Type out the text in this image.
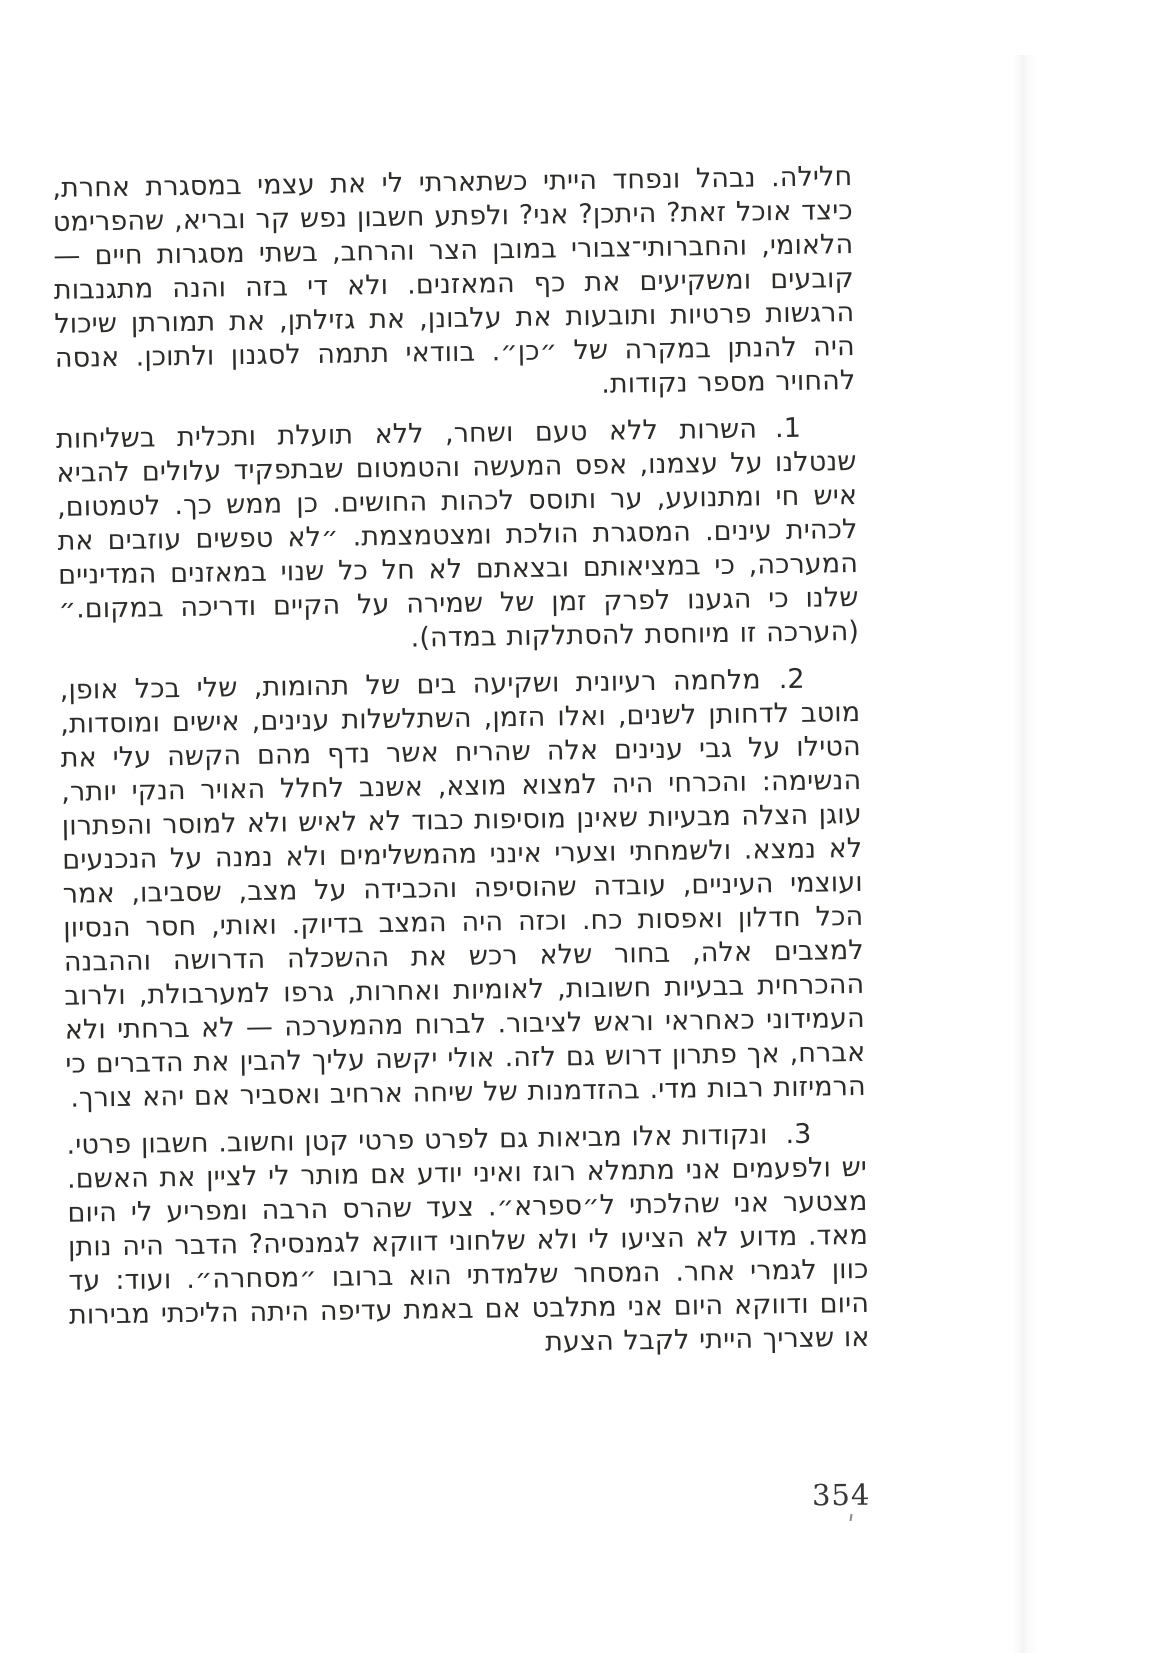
חלילה. נבהל ונפחד הייתי כשתארתי לי את עצמי במסגרת אחרת, כיצד אוכל זאת? היתכן? אני? ולפתע חשבון נפש קר ובריא, שהפרימט הלאומי, והחברותי־צבורי במובן הצר והרחב, בשתי מסגרות חיים — קובעים ומשקיעים את כף המאזנים. ולא די בזה והנה מתגנבות הרגשות פרטיות ותובעות את עלבונן, את גזילתן, את תמורתן שיכול היה להנתן במקרה של ״כן״. בוודאי תתמה לסגנון ולתוכן. אנסה להחויר מספר נקודות.

1.השרות ללא טעם ושחר, ללא תועלת ותכלית בשליחות שנטלנו על עצמנו, אפס המעשה והטמטום שבתפקיד עלולים להביא איש חי ומתנועע, ער ותוסס לכהות החושים. כן ממש כך. לטמטום, לכהית עינים. המסגרת הולכת ומצטמצמת. ״לא טפשים עוזבים את המערכה, כי במציאותם ובצאתם לא חל כל שנוי במאזנים המדיניים שלנו כי הגענו לפרק זמן של שמירה על הקיים ודריכה במקום.״ (הערכה זו מיוחסת להסתלקות במדה).

2.מלחמה רעיונית ושקיעה בים של תהומות, שלי בכל אופן, מוטב לדחותן לשנים, ואלו הזמן, השתלשלות ענינים, אישים ומוסדות, הטילו על גבי ענינים אלה שהריח אשר נדף מהם הקשה עלי את הנשימה: והכרחי היה למצוא מוצא, אשנב לחלל האויר הנקי יותר, עוגן הצלה מבעיות שאינן מוסיפות כבוד לא לאיש ולא למוסר והפתרון לא נמצא. ולשמחתי וצערי אינני מהמשלימים ולא נמנה על הנכנעים ועוצמי העיניים, עובדה שהוסיפה והכבידה על מצב, שסביבו, אמר הכל חדלון ואפסות כח. וכזה היה המצב בדיוק. ואותי, חסר הנסיון למצבים אלה, בחור שלא רכש את ההשכלה הדרושה וההבנה ההכרחית בבעיות חשובות, לאומיות ואחרות, גרפו למערבולת, ולרוב העמידוני כאחראי וראש לציבור. לברוח מהמערכה — לא ברחתי ולא אברח, אך פתרון דרוש גם לזה. אולי יקשה עליך להבין את הדברים כי הרמיזות רבות מדי. בהזדמנות של שיחה ארחיב ואסביר אם יהא צורך.

3.ונקודות אלו מביאות גם לפרט פרטי קטן וחשוב. חשבון פרטי. יש ולפעמים אני מתמלא רוגז ואיני יודע אם מותר לי לציין את האשם. מצטער אני שהלכתי ל״ספרא״. צעד שהרס הרבה ומפריע לי היום מאד. מדוע לא הציעו לי ולא שלחוני דווקא לגמנסיה? הדבר היה נותן כוון לגמרי אחר. המסחר שלמדתי הוא ברובו ״מסחרה״. ועוד: עד היום ודווקא היום אני מתלבט אם באמת עדיפה היתה הליכתי מבירות או שצריך הייתי לקבל הצעת

354
